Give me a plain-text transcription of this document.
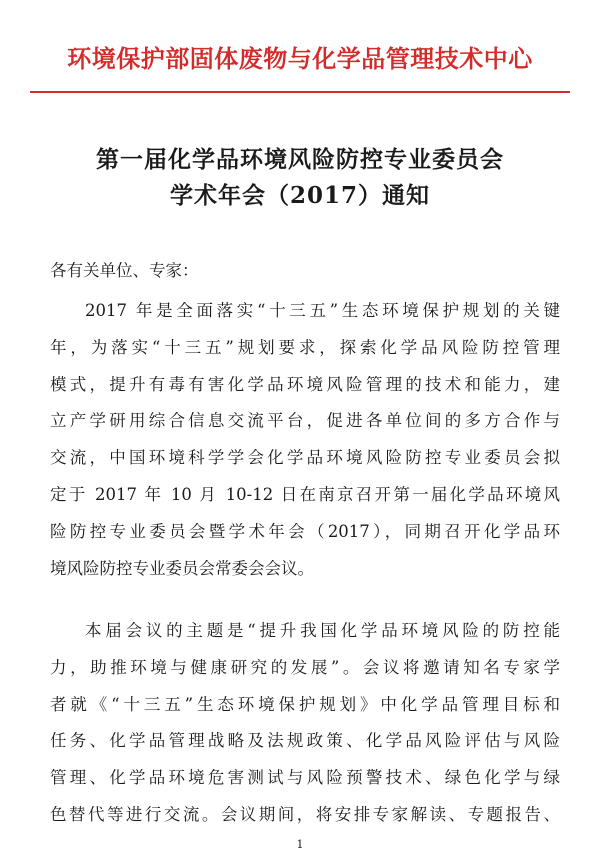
环境保护部固体废物与化学品管理技术中心
第一届化学品环境风险防控专业委员会
学术年会（2017）通知
各有关单位、专家：
2017 年是全面落实“十三五”生态环境保护规划的关键
年，为落实“十三五”规划要求，探索化学品风险防控管理
模式，提升有毒有害化学品环境风险管理的技术和能力，建
立产学研用综合信息交流平台，促进各单位间的多方合作与
交流，中国环境科学学会化学品环境风险防控专业委员会拟
定于 2017 年 10 月 10-12 日在南京召开第一届化学品环境风
险防控专业委员会暨学术年会（2017），同期召开化学品环
境风险防控专业委员会常委会会议。
本届会议的主题是“提升我国化学品环境风险的防控能
力，助推环境与健康研究的发展”。会议将邀请知名专家学
者就《“十三五”生态环境保护规划》中化学品管理目标和
任务、化学品管理战略及法规政策、化学品风险评估与风险
管理、化学品环境危害测试与风险预警技术、绿色化学与绿
色替代等进行交流。会议期间，将安排专家解读、专题报告、
1
